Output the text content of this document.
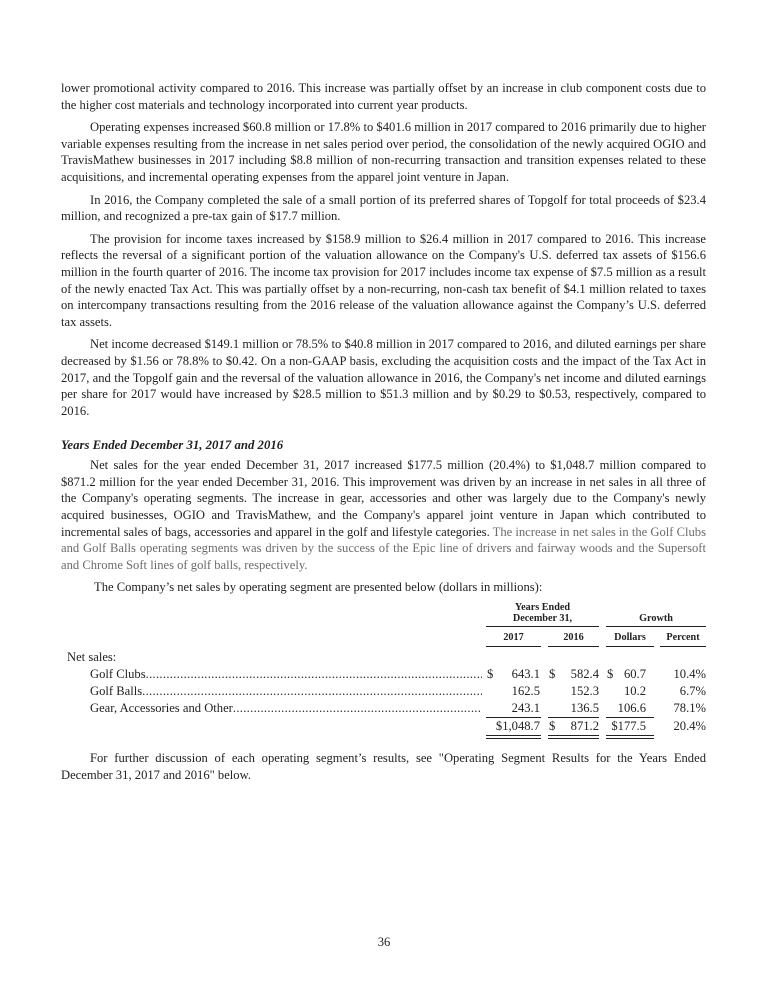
lower promotional activity compared to 2016. This increase was partially offset by an increase in club component costs due to the higher cost materials and technology incorporated into current year products.

Operating expenses increased $60.8 million or 17.8% to $401.6 million in 2017 compared to 2016 primarily due to higher variable expenses resulting from the increase in net sales period over period, the consolidation of the newly acquired OGIO and TravisMathew businesses in 2017 including $8.8 million of non-recurring transaction and transition expenses related to these acquisitions, and incremental operating expenses from the apparel joint venture in Japan.

In 2016, the Company completed the sale of a small portion of its preferred shares of Topgolf for total proceeds of $23.4 million, and recognized a pre-tax gain of $17.7 million.

The provision for income taxes increased by $158.9 million to $26.4 million in 2017 compared to 2016. This increase reflects the reversal of a significant portion of the valuation allowance on the Company's U.S. deferred tax assets of $156.6 million in the fourth quarter of 2016. The income tax provision for 2017 includes income tax expense of $7.5 million as a result of the newly enacted Tax Act. This was partially offset by a non-recurring, non-cash tax benefit of $4.1 million related to taxes on intercompany transactions resulting from the 2016 release of the valuation allowance against the Company’s U.S. deferred tax assets.

Net income decreased $149.1 million or 78.5% to $40.8 million in 2017 compared to 2016, and diluted earnings per share decreased by $1.56 or 78.8% to $0.42. On a non-GAAP basis, excluding the acquisition costs and the impact of the Tax Act in 2017, and the Topgolf gain and the reversal of the valuation allowance in 2016, the Company's net income and diluted earnings per share for 2017 would have increased by $28.5 million to $51.3 million and by $0.29 to $0.53, respectively, compared to 2016.

Years Ended December 31, 2017 and 2016

Net sales for the year ended December 31, 2017 increased $177.5 million (20.4%) to $1,048.7 million compared to $871.2 million for the year ended December 31, 2016. This improvement was driven by an increase in net sales in all three of the Company's operating segments. The increase in gear, accessories and other was largely due to the Company's newly acquired businesses, OGIO and TravisMathew, and the Company's apparel joint venture in Japan which contributed to incremental sales of bags, accessories and apparel in the golf and lifestyle categories. The increase in net sales in the Golf Clubs and Golf Balls operating segments was driven by the success of the Epic line of drivers and fairway woods and the Supersoft and Chrome Soft lines of golf balls, respectively.

The Company’s net sales by operating segment are presented below (dollars in millions):

Years Ended
December 31,	Growth
2017	2016	Dollars	Percent
Net sales:
Golf Clubs .....	$	643.1 $	582.4 $ 60.7	10.4%
Golf Balls .....	162.5	152.3	10.2	6.7%
Gear, Accessories and Other .....	243.1	136.5	106.6	78.1%
$1,048.7 $	871.2 $177.5	20.4%

For further discussion of each operating segment’s results, see "Operating Segment Results for the Years Ended December 31, 2017 and 2016" below.

36
